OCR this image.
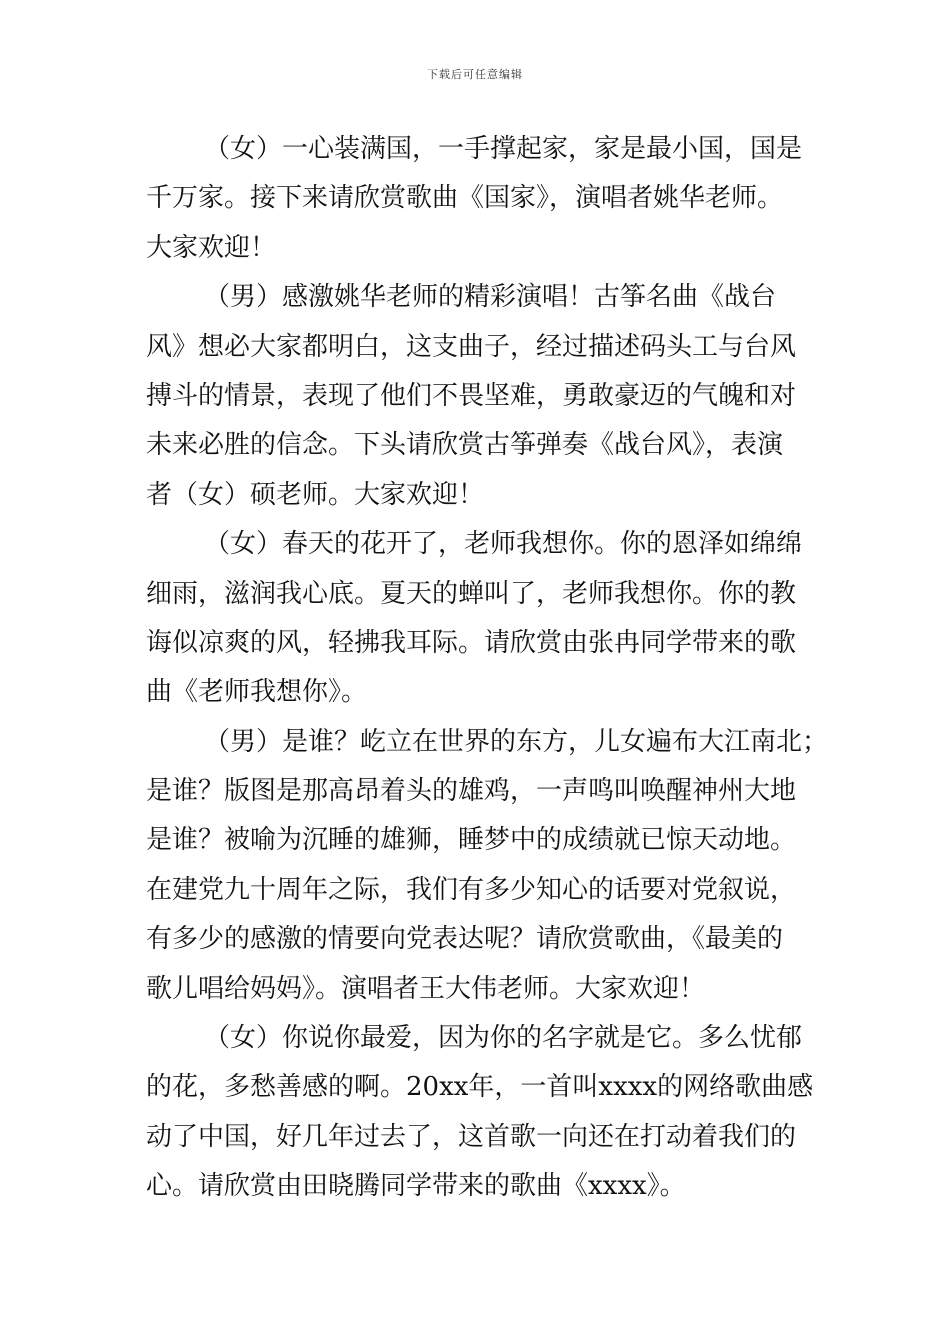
下载后可任意编辑
（女）一心装满国，一手撑起家，家是最小国，国是
千万家。接下来请欣赏歌曲《国家》，演唱者姚华老师。
大家欢迎！
（男）感激姚华老师的精彩演唱！古筝名曲《战台
风》想必大家都明白，这支曲子，经过描述码头工与台风
搏斗的情景，表现了他们不畏坚难，勇敢豪迈的气魄和对
未来必胜的信念。下头请欣赏古筝弹奏《战台风》，表演
者（女）硕老师。大家欢迎！
（女）春天的花开了，老师我想你。你的恩泽如绵绵
细雨，滋润我心底。夏天的蝉叫了，老师我想你。你的教
诲似凉爽的风，轻拂我耳际。请欣赏由张冉同学带来的歌
曲《老师我想你》。
（男）是谁？屹立在世界的东方，儿女遍布大江南北；
是谁？版图是那高昂着头的雄鸡，一声鸣叫唤醒神州大地
是谁？被喻为沉睡的雄狮，睡梦中的成绩就已惊天动地。
在建党九十周年之际，我们有多少知心的话要对党叙说，
有多少的感激的情要向党表达呢？请欣赏歌曲，《最美的
歌儿唱给妈妈》。演唱者王大伟老师。大家欢迎！
（女）你说你最爱，因为你的名字就是它。多么忧郁
的花，多愁善感的啊。20xx年，一首叫xxxx的网络歌曲感
动了中国，好几年过去了，这首歌一向还在打动着我们的
心。请欣赏由田晓腾同学带来的歌曲《xxxx》。
